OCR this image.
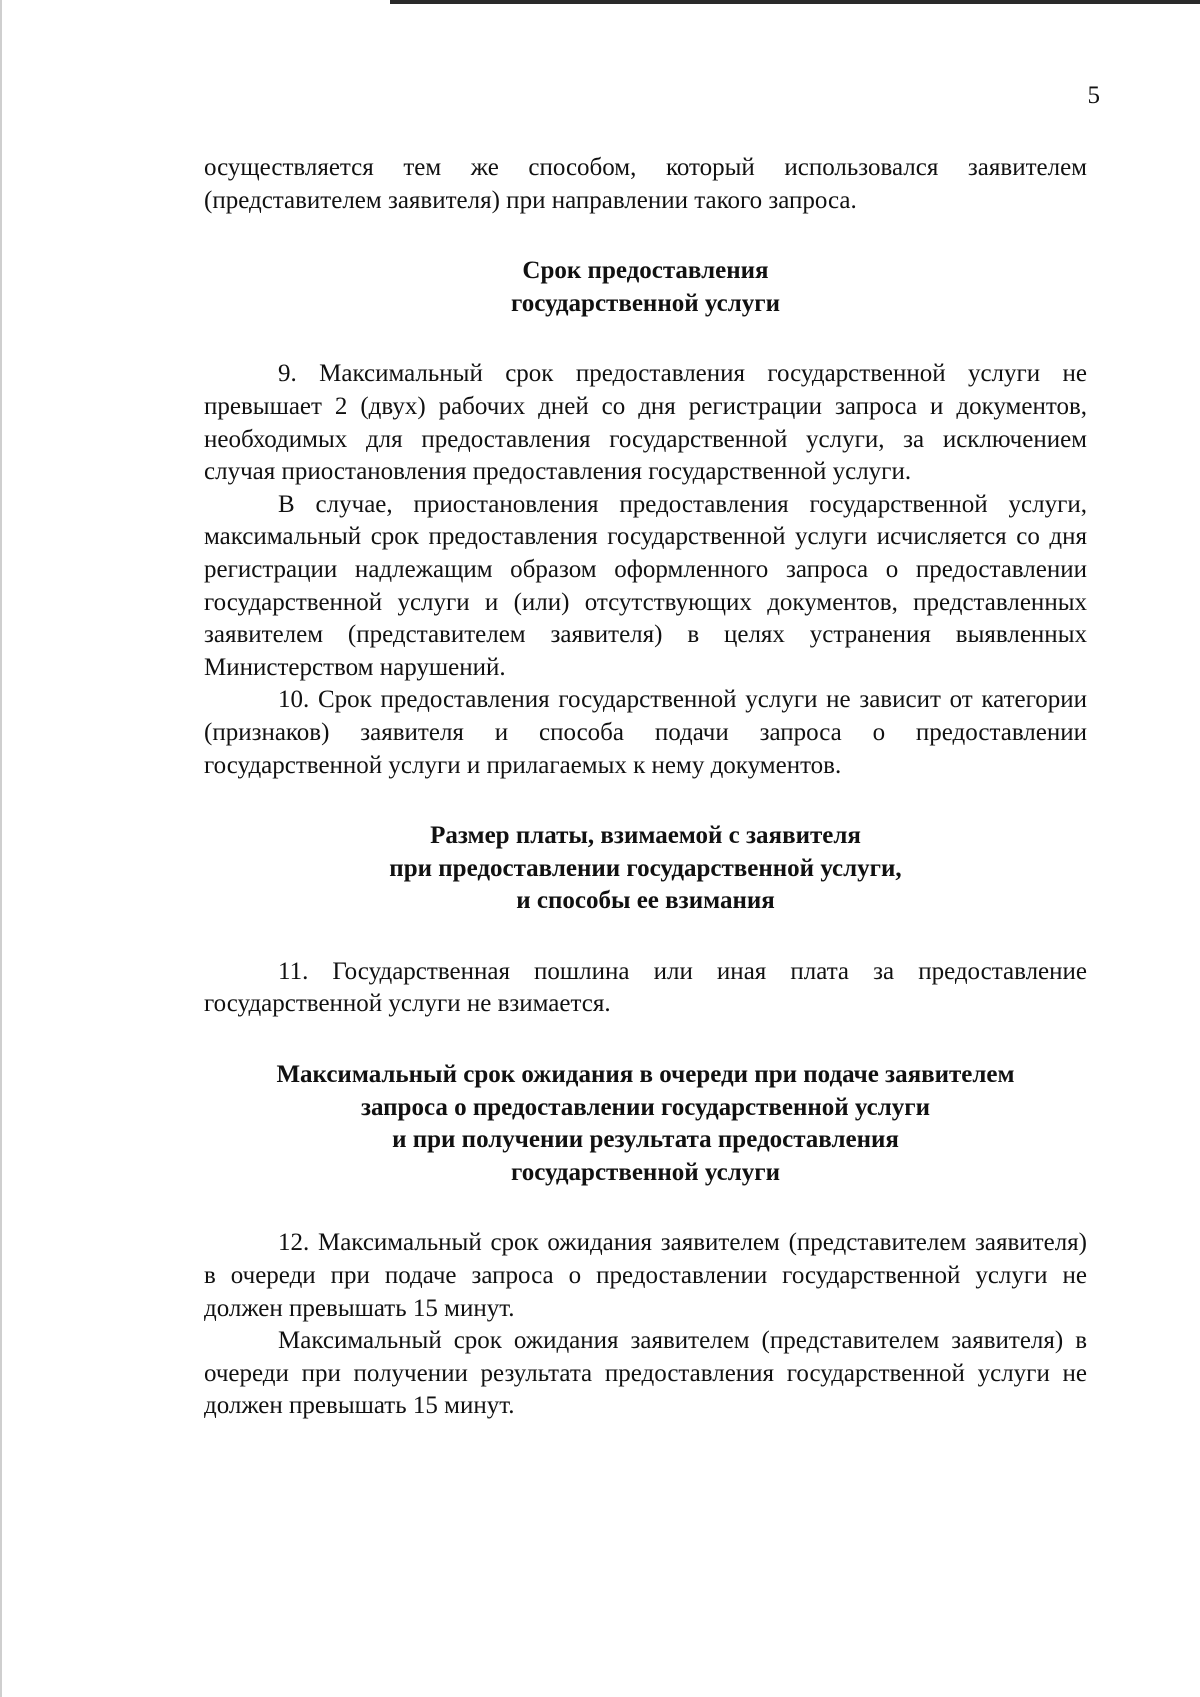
5

осуществляется тем же способом, который использовался заявителем (представителем заявителя) при направлении такого запроса.

Срок предоставления
государственной услуги

9. Максимальный срок предоставления государственной услуги не превышает 2 (двух) рабочих дней со дня регистрации запроса и документов, необходимых для предоставления государственной услуги, за исключением случая приостановления предоставления государственной услуги.

В случае, приостановления предоставления государственной услуги, максимальный срок предоставления государственной услуги исчисляется со дня регистрации надлежащим образом оформленного запроса о предоставлении государственной услуги и (или) отсутствующих документов, представленных заявителем (представителем заявителя) в целях устранения выявленных Министерством нарушений.

10. Срок предоставления государственной услуги не зависит от категории (признаков) заявителя и способа подачи запроса о предоставлении государственной услуги и прилагаемых к нему документов.

Размер платы, взимаемой с заявителя
при предоставлении государственной услуги,
и способы ее взимания

11. Государственная пошлина или иная плата за предоставление государственной услуги не взимается.

Максимальный срок ожидания в очереди при подаче заявителем
запроса о предоставлении государственной услуги
и при получении результата предоставления
государственной услуги

12. Максимальный срок ожидания заявителем (представителем заявителя) в очереди при подаче запроса о предоставлении государственной услуги не должен превышать 15 минут.

Максимальный срок ожидания заявителем (представителем заявителя) в очереди при получении результата предоставления государственной услуги не должен превышать 15 минут.
